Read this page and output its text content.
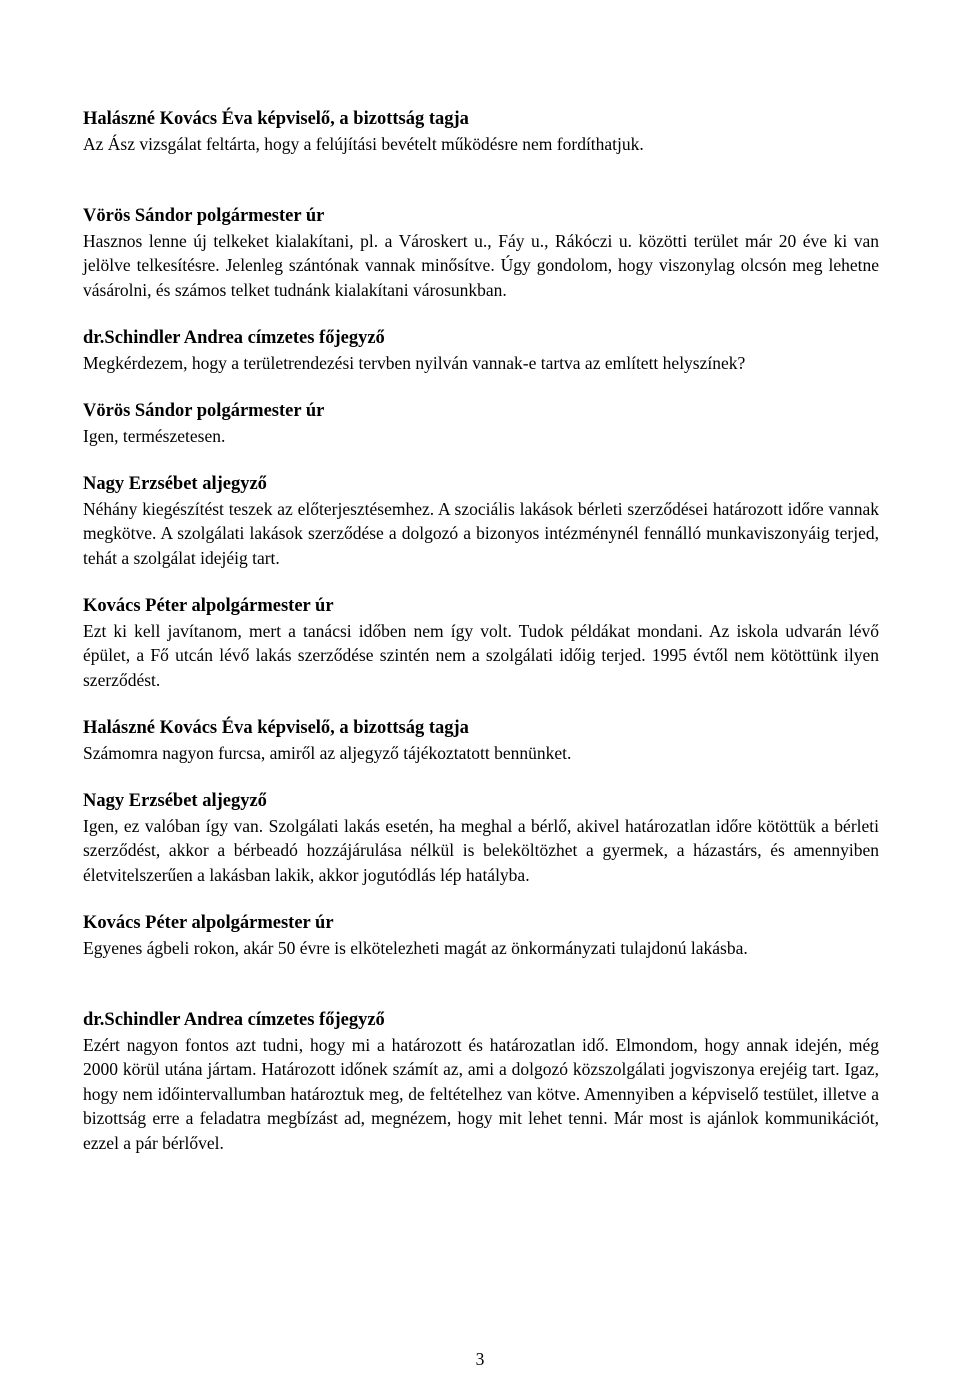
Halászné Kovács Éva képviselő, a bizottság tagja

Az Ász vizsgálat feltárta, hogy a felújítási bevételt működésre nem fordíthatjuk.

Vörös Sándor polgármester úr

Hasznos lenne új telkeket kialakítani, pl. a Városkert u., Fáy u., Rákóczi u. közötti terület már 20 éve ki van jelölve telkesítésre. Jelenleg szántónak vannak minősítve. Úgy gondolom, hogy viszonylag olcsón meg lehetne vásárolni, és számos telket tudnánk kialakítani városunkban.

dr.Schindler Andrea címzetes főjegyző

Megkérdezem, hogy a területrendezési tervben nyilván vannak-e tartva az említett helyszínek?

Vörös Sándor polgármester úr

Igen, természetesen.

Nagy Erzsébet aljegyző

Néhány kiegészítést teszek az előterjesztésemhez. A szociális lakások bérleti szerződései határozott időre vannak megkötve. A szolgálati lakások szerződése a dolgozó a bizonyos intézménynél fennálló munkaviszonyáig terjed, tehát a szolgálat idejéig tart.

Kovács Péter alpolgármester úr

Ezt ki kell javítanom, mert a tanácsi időben nem így volt. Tudok példákat mondani. Az iskola udvarán lévő épület, a Fő utcán lévő lakás szerződése szintén nem a szolgálati időig terjed. 1995 évtől nem kötöttünk ilyen szerződést.

Halászné Kovács Éva képviselő, a bizottság tagja

Számomra nagyon furcsa, amiről az aljegyző tájékoztatott bennünket.

Nagy Erzsébet aljegyző

Igen, ez valóban így van. Szolgálati lakás esetén, ha meghal a bérlő, akivel határozatlan időre kötöttük a bérleti szerződést, akkor a bérbeadó hozzájárulása nélkül is beleköltözhet a gyermek, a házastárs, és amennyiben életvitelszerűen a lakásban lakik, akkor jogutódlás lép hatályba.

Kovács Péter alpolgármester úr

Egyenes ágbeli rokon, akár 50 évre is elkötelezheti magát az önkormányzati tulajdonú lakásba.

dr.Schindler Andrea címzetes főjegyző

Ezért nagyon fontos azt tudni, hogy mi a határozott és határozatlan idő. Elmondom, hogy annak idején, még 2000 körül utána jártam. Határozott időnek számít az, ami a dolgozó közszolgálati jogviszonya erejéig tart. Igaz, hogy nem időintervallumban határoztuk meg, de feltételhez van kötve. Amennyiben a képviselő testület, illetve a bizottság erre a feladatra megbízást ad, megnézem, hogy mit lehet tenni. Már most is ajánlok kommunikációt, ezzel a pár bérlővel.

3
